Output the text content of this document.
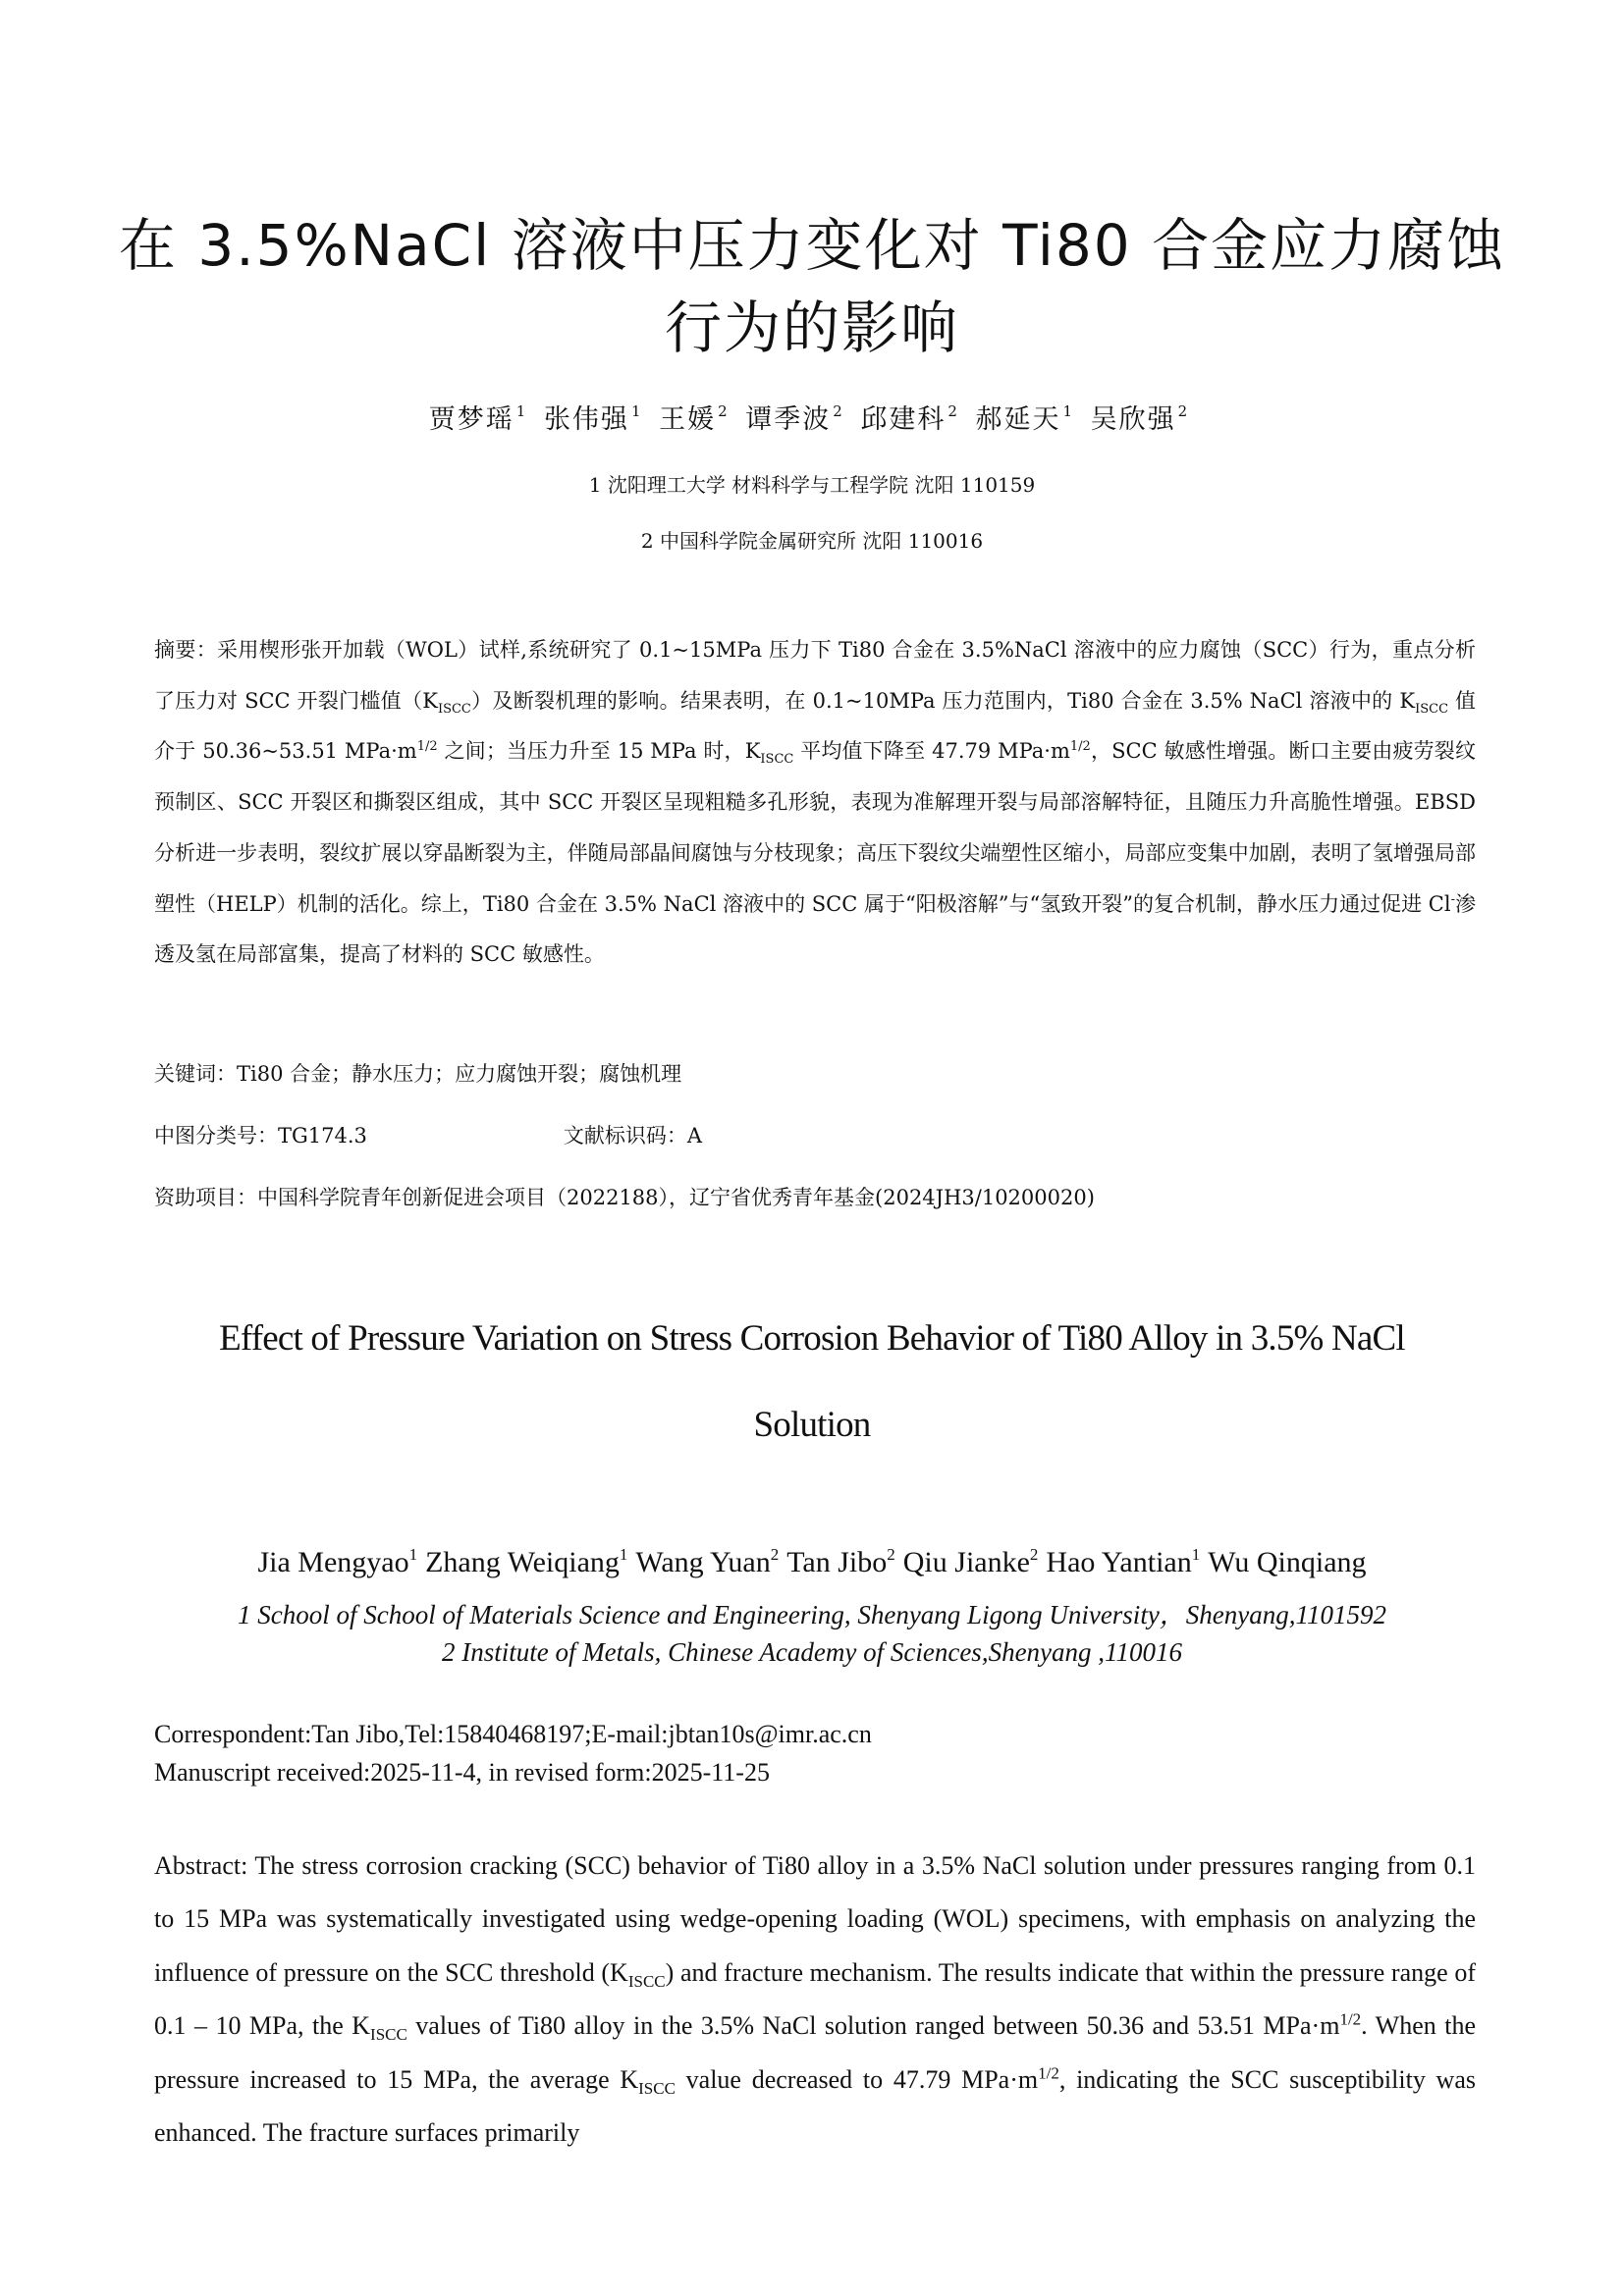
在 3.5%NaCl 溶液中压力变化对 Ti80 合金应力腐蚀
行为的影响
贾梦瑶 $^1$ 张伟强 $^1$ 王媛 $^2$ 谭季波 $^2$ 邱建科 $^2$ 郝延天 $^1$ 吴欣强 $^2$
1 沈阳理工大学 材料科学与工程学院 沈阳 110159
2 中国科学院金属研究所 沈阳 110016

摘要：采用楔形张开加载（WOL）试样,系统研究了 0.1~15MPa 压力下 Ti80 合金在 3.5%NaCl 溶液中的应力腐蚀（SCC）行为，重点分析了压力对 SCC 开裂门槛值$(K_{ISCC})$及断裂机理的影响。结果表明，在 0.1~10MPa 压力范围内，Ti80 合金在 3.5% NaCl 溶液中的 $K_{ISCC}$ 值介于 50.36~53.51 $MPa\cdot m^{1/2}$ 之间；当压力升至 15 MPa 时，$K_{ISCC}$ 平均值下降至 47.79 $MPa\cdot m^{1/2}$，SCC 敏感性增强。断口主要由疲劳裂纹预制区、SCC 开裂区和撕裂区组成，其中 SCC 开裂区呈现粗糙多孔形貌，表现为准解理开裂与局部溶解特征，且随压力升高脆性增强。EBSD 分析进一步表明，裂纹扩展以穿晶断裂为主，伴随局部晶间腐蚀与分枝现象；高压下裂纹尖端塑性区缩小，局部应变集中加剧，表明了氢增强局部塑性（HELP）机制的活化。综上，Ti80 合金在 3.5% NaCl 溶液中的 SCC 属于“阳极溶解”与“氢致开裂”的复合机制，静水压力通过促进 Cl-渗透及氢在局部富集，提高了材料的 SCC 敏感性。

关键词：Ti80 合金；静水压力；应力腐蚀开裂；腐蚀机理
中图分类号：TG174.3	文献标识码：A
资助项目：中国科学院青年创新促进会项目（2022188），辽宁省优秀青年基金(2024JH3/10200020)
Effect of Pressure Variation on Stress Corrosion Behavior of Ti80 Alloy in 3.5% NaCl
Solution
Jia Mengyao$^1$ Zhang Weiqiang$^1$ Wang Yuan$^2$ Tan Jibo$^2$ Qiu Jianke$^2$ Hao Yantian$^1$ Wu Qinqiang
1 School of School of Materials Science and Engineering, Shenyang Ligong University，Shenyang,1101592
2 Institute of Metals, Chinese Academy of Sciences,Shenyang ,110016
Correspondent:Tan Jibo,Tel:15840468197;E-mail:jbtan10s@imr.ac.cn
Manuscript received:2025-11-4, in revised form:2025-11-25

Abstract: The stress corrosion cracking (SCC) behavior of Ti80 alloy in a 3.5% NaCl solution under pressures ranging from 0.1 to 15 MPa was systematically investigated using wedge-opening loading (WOL) specimens, with emphasis on analyzing the influence of pressure on the SCC threshold $(K_{ISCC})$ and fracture mechanism. The results indicate that within the pressure range of 0.1 – 10 MPa, the $K_{ISCC}$ values of Ti80 alloy in the 3.5% NaCl solution ranged between 50.36 and 53.51 $MPa\cdot m^{1/2}$. When the pressure increased to 15 MPa, the average $K_{ISCC}$ value decreased to 47.79 $MPa\cdot m^{1/2}$, indicating the SCC susceptibility was enhanced. The fracture surfaces primarily
